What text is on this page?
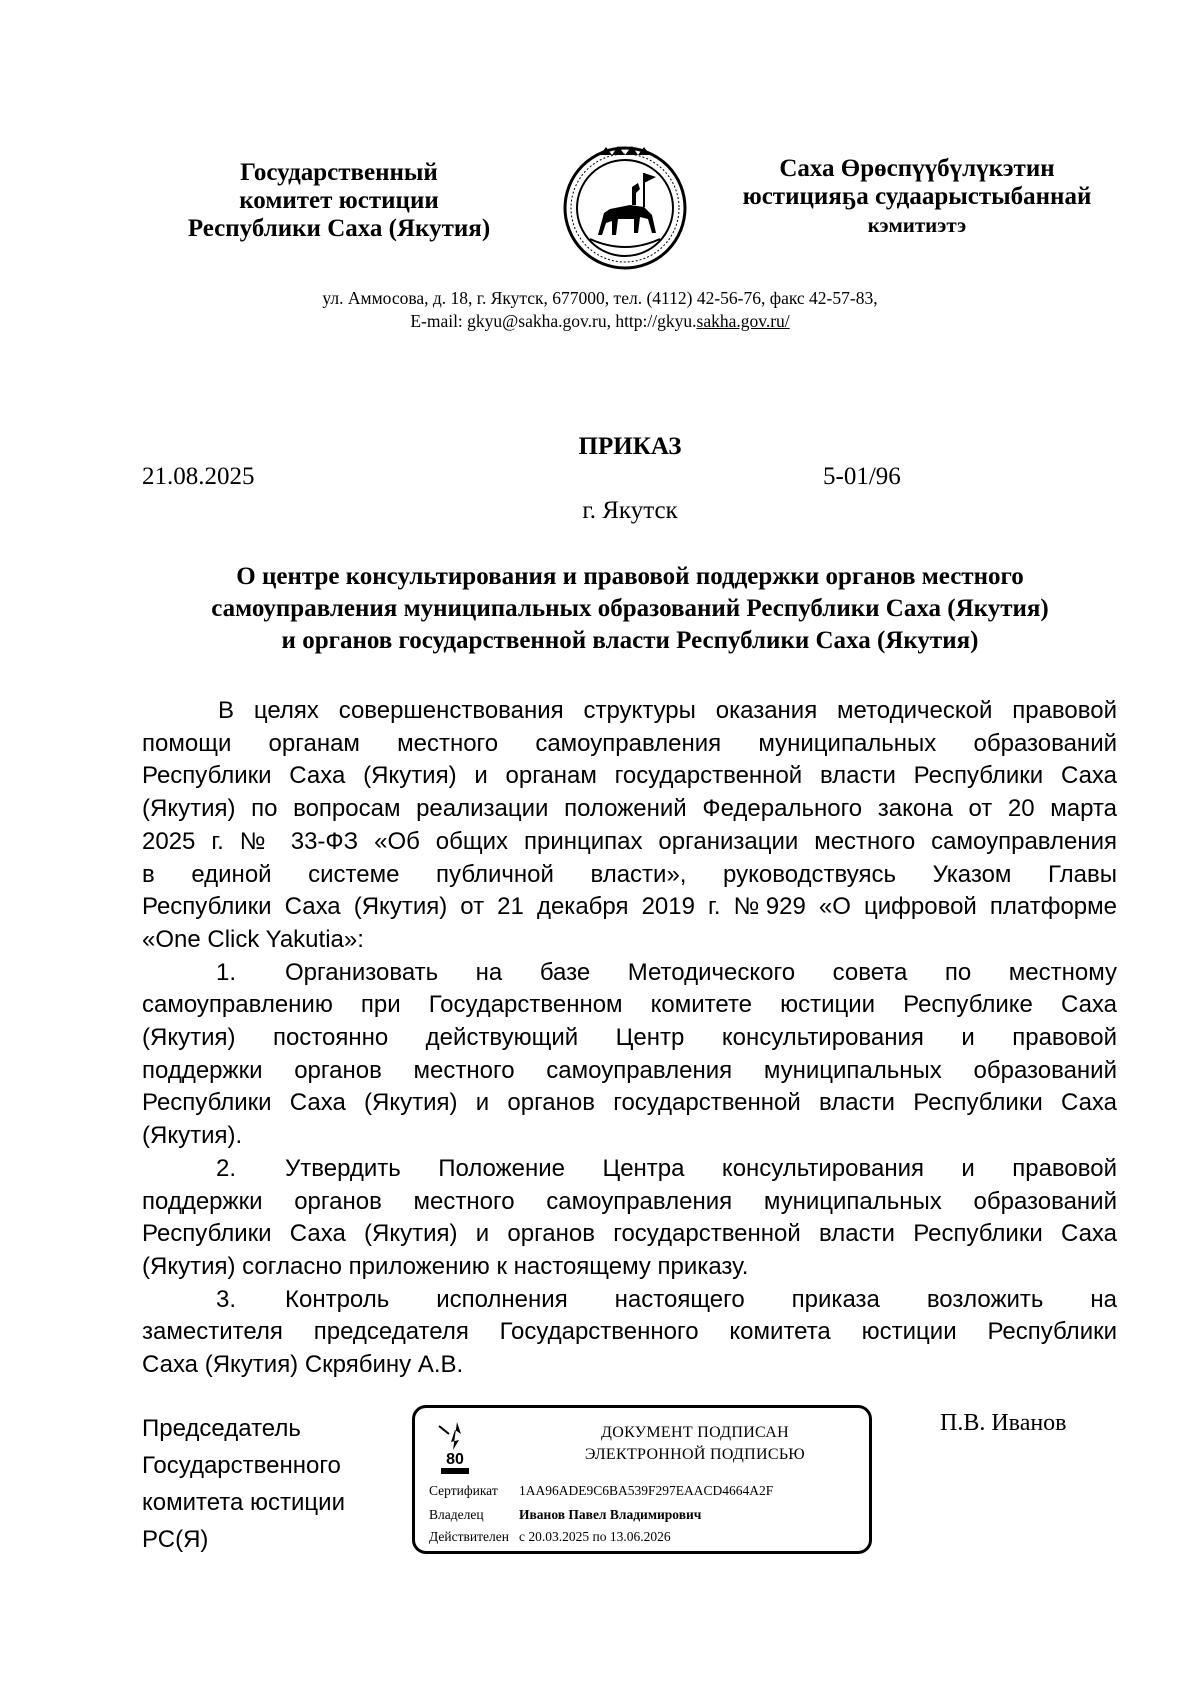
Государственный
комитет юстиции
Республики Саха (Якутия)
Саха Өрөспүүбүлүкэтин
юстицияҕа судаарыстыбаннай
кэмитиэтэ
ул. Аммосова, д. 18, г. Якутск, 677000, тел. (4112) 42-56-76, факс 42-57-83,
E-mail: gkyu@sakha.gov.ru, http://gkyu.sakha.gov.ru/
ПРИКАЗ
21.08.2025	5-01/96
г. Якутск
О центре консультирования и правовой поддержки органов местного
самоуправления муниципальных образований Республики Саха (Якутия)
и органов государственной власти Республики Саха (Якутия)
В целях совершенствования структуры оказания методической правовой
помощи органам местного самоуправления муниципальных образований
Республики Саха (Якутия) и органам государственной власти Республики Саха
(Якутия) по вопросам реализации положений Федерального закона от 20 марта
2025 г. № 33-ФЗ «Об общих принципах организации местного самоуправления
в единой системе публичной власти», руководствуясь Указом Главы
Республики Саха (Якутия) от 21 декабря 2019 г. №929 «О цифровой платформе
«One Click Yakutia»:
1.	Организовать на базе Методического совета по местному
самоуправлению при Государственном комитете юстиции Республике Саха
(Якутия) постоянно действующий Центр консультирования и правовой
поддержки органов местного самоуправления муниципальных образований
Республики Саха (Якутия) и органов государственной власти Республики Саха
(Якутия).
2.	Утвердить Положение Центра консультирования и правовой
поддержки органов местного самоуправления муниципальных образований
Республики Саха (Якутия) и органов государственной власти Республики Саха
(Якутия) согласно приложению к настоящему приказу.
3.	Контроль исполнения настоящего приказа возложить на
заместителя председателя Государственного комитета юстиции Республики
Саха (Якутия) Скрябину А.В.
Председатель
Государственного
комитета юстиции
РС(Я)
80
ДОКУМЕНТ ПОДПИСАН
ЭЛЕКТРОННОЙ ПОДПИСЬЮ
Сертификат 1AA96ADE9C6BA539F297EAACD4664A2F
Владелец	Иванов Павел Владимирович
Действителен с 20.03.2025 по 13.06.2026
П.В. Иванов
